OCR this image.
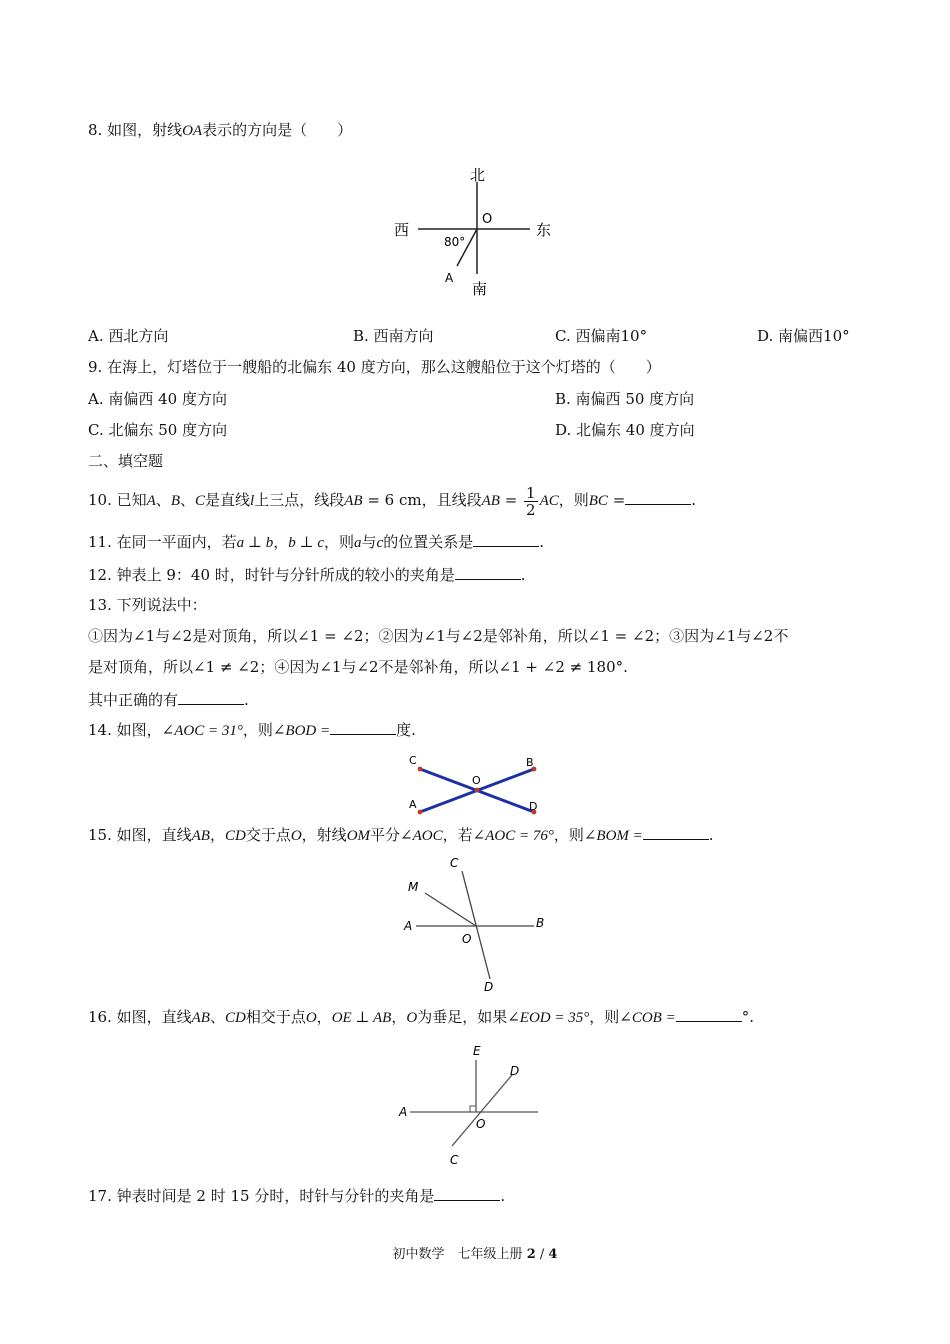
8. 如图，射线OA表示的方向是（　　）
北
南
西	东
O
A
80°
A. 西北方向	B. 西南方向	C. 西偏南10°	D. 南偏西10°
9. 在海上，灯塔位于一艘船的北偏东 40 度方向，那么这艘船位于这个灯塔的（　　）
A. 南偏西 40 度方向	B. 南偏西 50 度方向
C. 北偏东 50 度方向	D. 北偏东 40 度方向
二、填空题
10. 已知A、B、C是直线l上三点，线段AB = 6 cm，且线段AB = $\frac{1}{2}$ AC，则BC =	.
11. 在同一平面内，若a ⊥ b，b ⊥ c，则a与c的位置关系是	.
12. 钟表上 9：40 时，时针与分针所成的较小的夹角是	.
13. 下列说法中：
①因为∠1与∠2是对顶角，所以∠1 = ∠2；②因为∠1与∠2是邻补角，所以∠1 = ∠2；③因为∠1与∠2不
是对顶角，所以∠1 ≠ ∠2；④因为∠1与∠2不是邻补角，所以∠1 + ∠2 ≠ 180°.
其中正确的有	.
14. 如图，∠AOC = 31°，则∠BOD =	度.
C
A
B
D
O
15. 如图，直线AB，CD交于点O，射线OM平分∠AOC，若∠AOC = 76°，则∠BOM =	.
C
M
A	B
O
D
16. 如图，直线AB、CD相交于点O，OE ⊥ AB，O为垂足，如果∠EOD = 35°，则∠COB =	°.
E
D
A
O
C
17. 钟表时间是 2 时 15 分时，时针与分针的夹角是	.
初中数学　七年级上册 2 / 4
